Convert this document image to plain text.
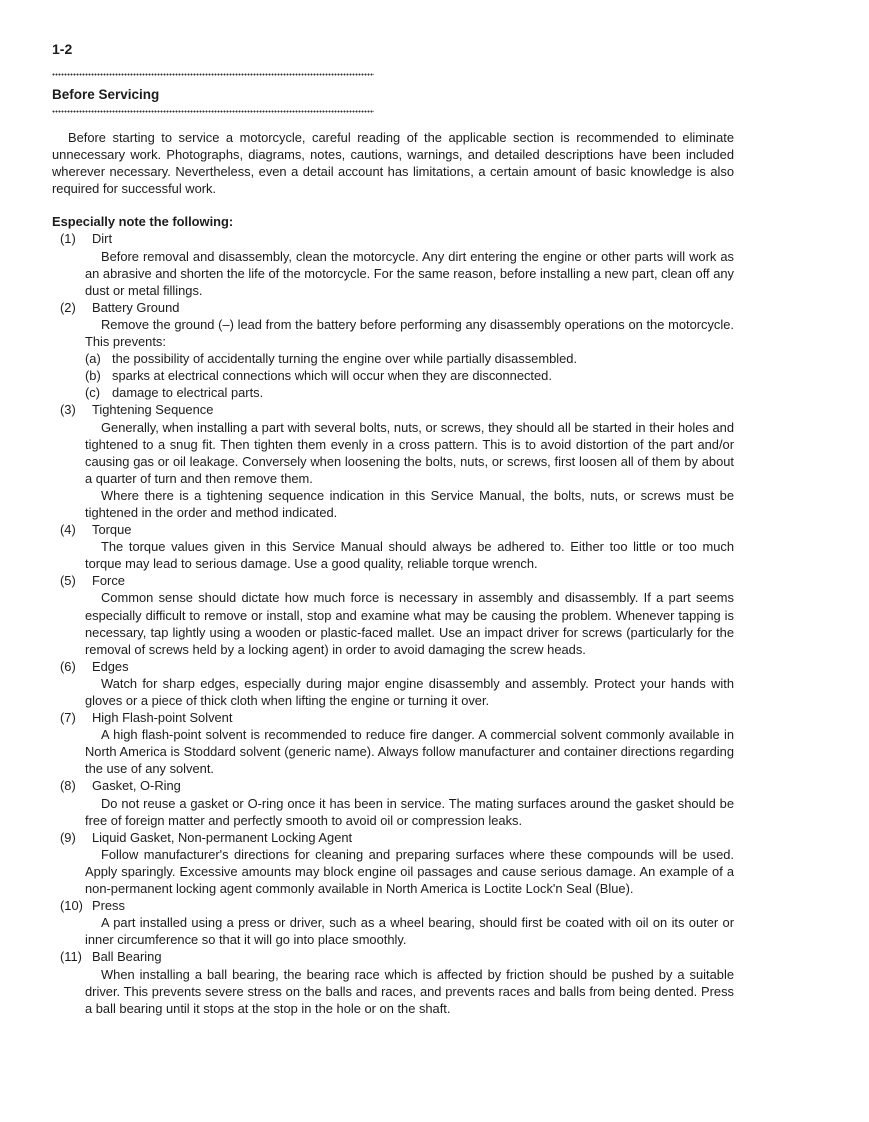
1-2
Before Servicing

Before starting to service a motorcycle, careful reading of the applicable section is recommended to eliminate unnecessary work. Photographs, diagrams, notes, cautions, warnings, and detailed descriptions have been included wherever necessary. Nevertheless, even a detail account has limitations, a certain amount of basic knowledge is also required for successful work.

Especially note the following:
(1) Dirt

Before removal and disassembly, clean the motorcycle. Any dirt entering the engine or other parts will work as an abrasive and shorten the life of the motorcycle. For the same reason, before installing a new part, clean off any dust or metal fillings.

(2) Battery Ground

Remove the ground (–) lead from the battery before performing any disassembly operations on the motorcycle. This prevents:

(a) the possibility of accidentally turning the engine over while partially disassembled.
(b) sparks at electrical connections which will occur when they are disconnected.
(c) damage to electrical parts.
(3) Tightening Sequence

Generally, when installing a part with several bolts, nuts, or screws, they should all be started in their holes and tightened to a snug fit. Then tighten them evenly in a cross pattern. This is to avoid distortion of the part and/or causing gas or oil leakage. Conversely when loosening the bolts, nuts, or screws, first loosen all of them by about a quarter of turn and then remove them.

Where there is a tightening sequence indication in this Service Manual, the bolts, nuts, or screws must be tightened in the order and method indicated.

(4) Torque

The torque values given in this Service Manual should always be adhered to. Either too little or too much torque may lead to serious damage. Use a good quality, reliable torque wrench.

(5) Force

Common sense should dictate how much force is necessary in assembly and disassembly. If a part seems especially difficult to remove or install, stop and examine what may be causing the problem. Whenever tapping is necessary, tap lightly using a wooden or plastic-faced mallet. Use an impact driver for screws (particularly for the removal of screws held by a locking agent) in order to avoid damaging the screw heads.

(6) Edges

Watch for sharp edges, especially during major engine disassembly and assembly. Protect your hands with gloves or a piece of thick cloth when lifting the engine or turning it over.

(7) High Flash-point Solvent

A high flash-point solvent is recommended to reduce fire danger. A commercial solvent commonly available in North America is Stoddard solvent (generic name). Always follow manufacturer and container directions regarding the use of any solvent.

(8) Gasket, O-Ring

Do not reuse a gasket or O-ring once it has been in service. The mating surfaces around the gasket should be free of foreign matter and perfectly smooth to avoid oil or compression leaks.

(9) Liquid Gasket, Non-permanent Locking Agent

Follow manufacturer's directions for cleaning and preparing surfaces where these compounds will be used. Apply sparingly. Excessive amounts may block engine oil passages and cause serious damage. An example of a non-permanent locking agent commonly available in North America is Loctite Lock'n Seal (Blue).

(10) Press

A part installed using a press or driver, such as a wheel bearing, should first be coated with oil on its outer or inner circumference so that it will go into place smoothly.

(11) Ball Bearing

When installing a ball bearing, the bearing race which is affected by friction should be pushed by a suitable driver. This prevents severe stress on the balls and races, and prevents races and balls from being dented. Press a ball bearing until it stops at the stop in the hole or on the shaft.
